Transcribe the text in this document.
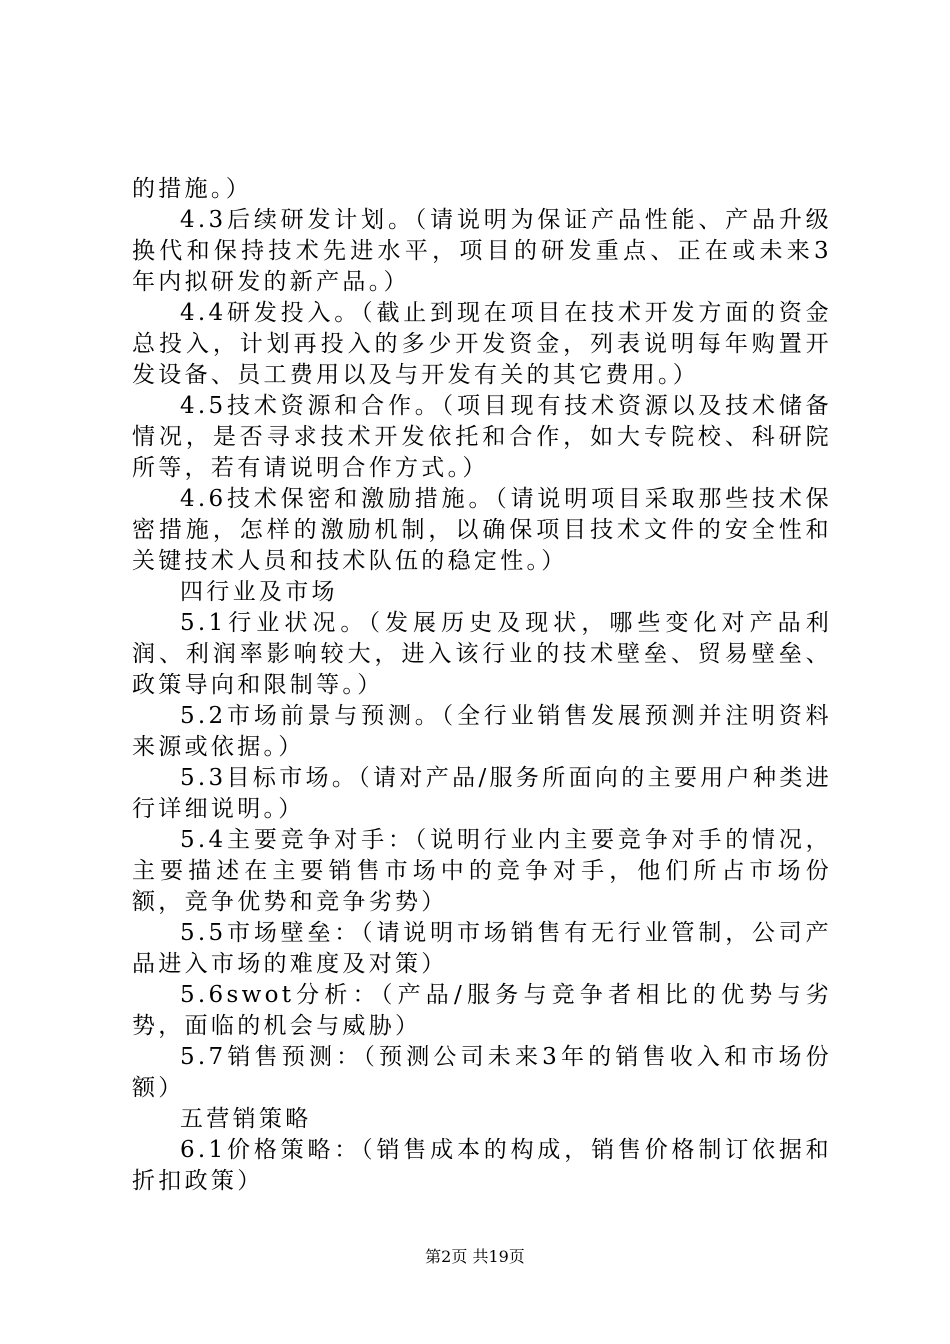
的措施。）

4.3后续研发计划。（请说明为保证产品性能、产品升级换代和保持技术先进水平，项目的研发重点、正在或未来3年内拟研发的新产品。）

4.4研发投入。（截止到现在项目在技术开发方面的资金总投入，计划再投入的多少开发资金，列表说明每年购置开发设备、员工费用以及与开发有关的其它费用。）

4.5技术资源和合作。（项目现有技术资源以及技术储备情况，是否寻求技术开发依托和合作，如大专院校、科研院所等，若有请说明合作方式。）

4.6技术保密和激励措施。（请说明项目采取那些技术保密措施，怎样的激励机制，以确保项目技术文件的安全性和关键技术人员和技术队伍的稳定性。）

四行业及市场

5.1行业状况。（发展历史及现状，哪些变化对产品利润、利润率影响较大，进入该行业的技术壁垒、贸易壁垒、政策导向和限制等。）

5.2市场前景与预测。（全行业销售发展预测并注明资料来源或依据。）

5.3目标市场。（请对产品/服务所面向的主要用户种类进行详细说明。）

5.4主要竞争对手：（说明行业内主要竞争对手的情况，主要描述在主要销售市场中的竞争对手，他们所占市场份额，竞争优势和竞争劣势）

5.5市场壁垒：（请说明市场销售有无行业管制，公司产品进入市场的难度及对策）

5.6swot分析：（产品/服务与竞争者相比的优势与劣势，面临的机会与威胁）

5.7销售预测：（预测公司未来3年的销售收入和市场份额）

五营销策略

6.1价格策略：（销售成本的构成，销售价格制订依据和折扣政策）

第2页 共19页
